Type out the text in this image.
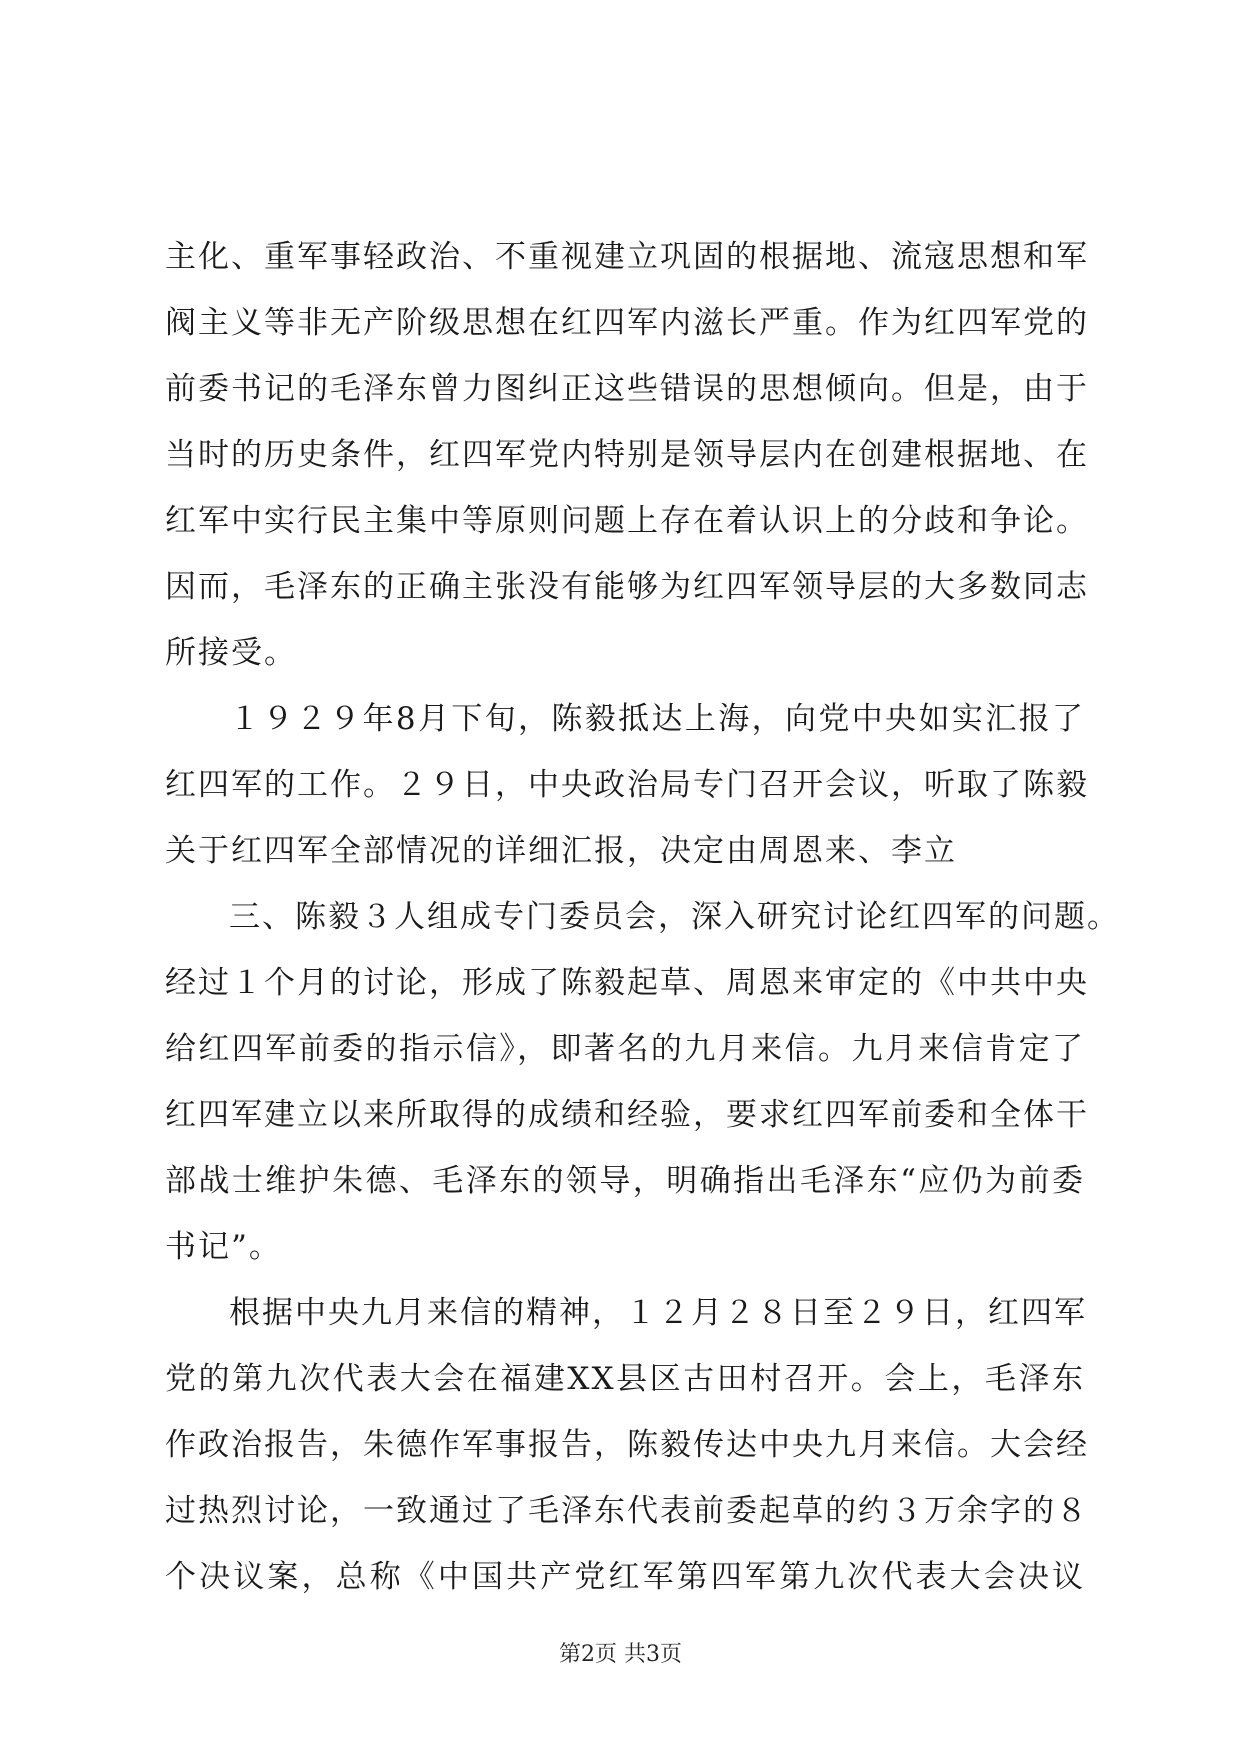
主化、重军事轻政治、不重视建立巩固的根据地、流寇思想和军
阀主义等非无产阶级思想在红四军内滋长严重。作为红四军党的
前委书记的毛泽东曾力图纠正这些错误的思想倾向。但是，由于
当时的历史条件，红四军党内特别是领导层内在创建根据地、在
红军中实行民主集中等原则问题上存在着认识上的分歧和争论。
因而，毛泽东的正确主张没有能够为红四军领导层的大多数同志
所接受。
１９２９年8月下旬，陈毅抵达上海，向党中央如实汇报了
红四军的工作。２９日，中央政治局专门召开会议，听取了陈毅
关于红四军全部情况的详细汇报，决定由周恩来、李立
三、陈毅３人组成专门委员会，深入研究讨论红四军的问题。
经过１个月的讨论，形成了陈毅起草、周恩来审定的《中共中央
给红四军前委的指示信》，即著名的九月来信。九月来信肯定了
红四军建立以来所取得的成绩和经验，要求红四军前委和全体干
部战士维护朱德、毛泽东的领导，明确指出毛泽东“应仍为前委
书记”。
根据中央九月来信的精神，１２月２８日至２９日，红四军
党的第九次代表大会在福建XX县区古田村召开。会上，毛泽东
作政治报告，朱德作军事报告，陈毅传达中央九月来信。大会经
过热烈讨论，一致通过了毛泽东代表前委起草的约３万余字的８
个决议案，总称《中国共产党红军第四军第九次代表大会决议
第2页 共3页
